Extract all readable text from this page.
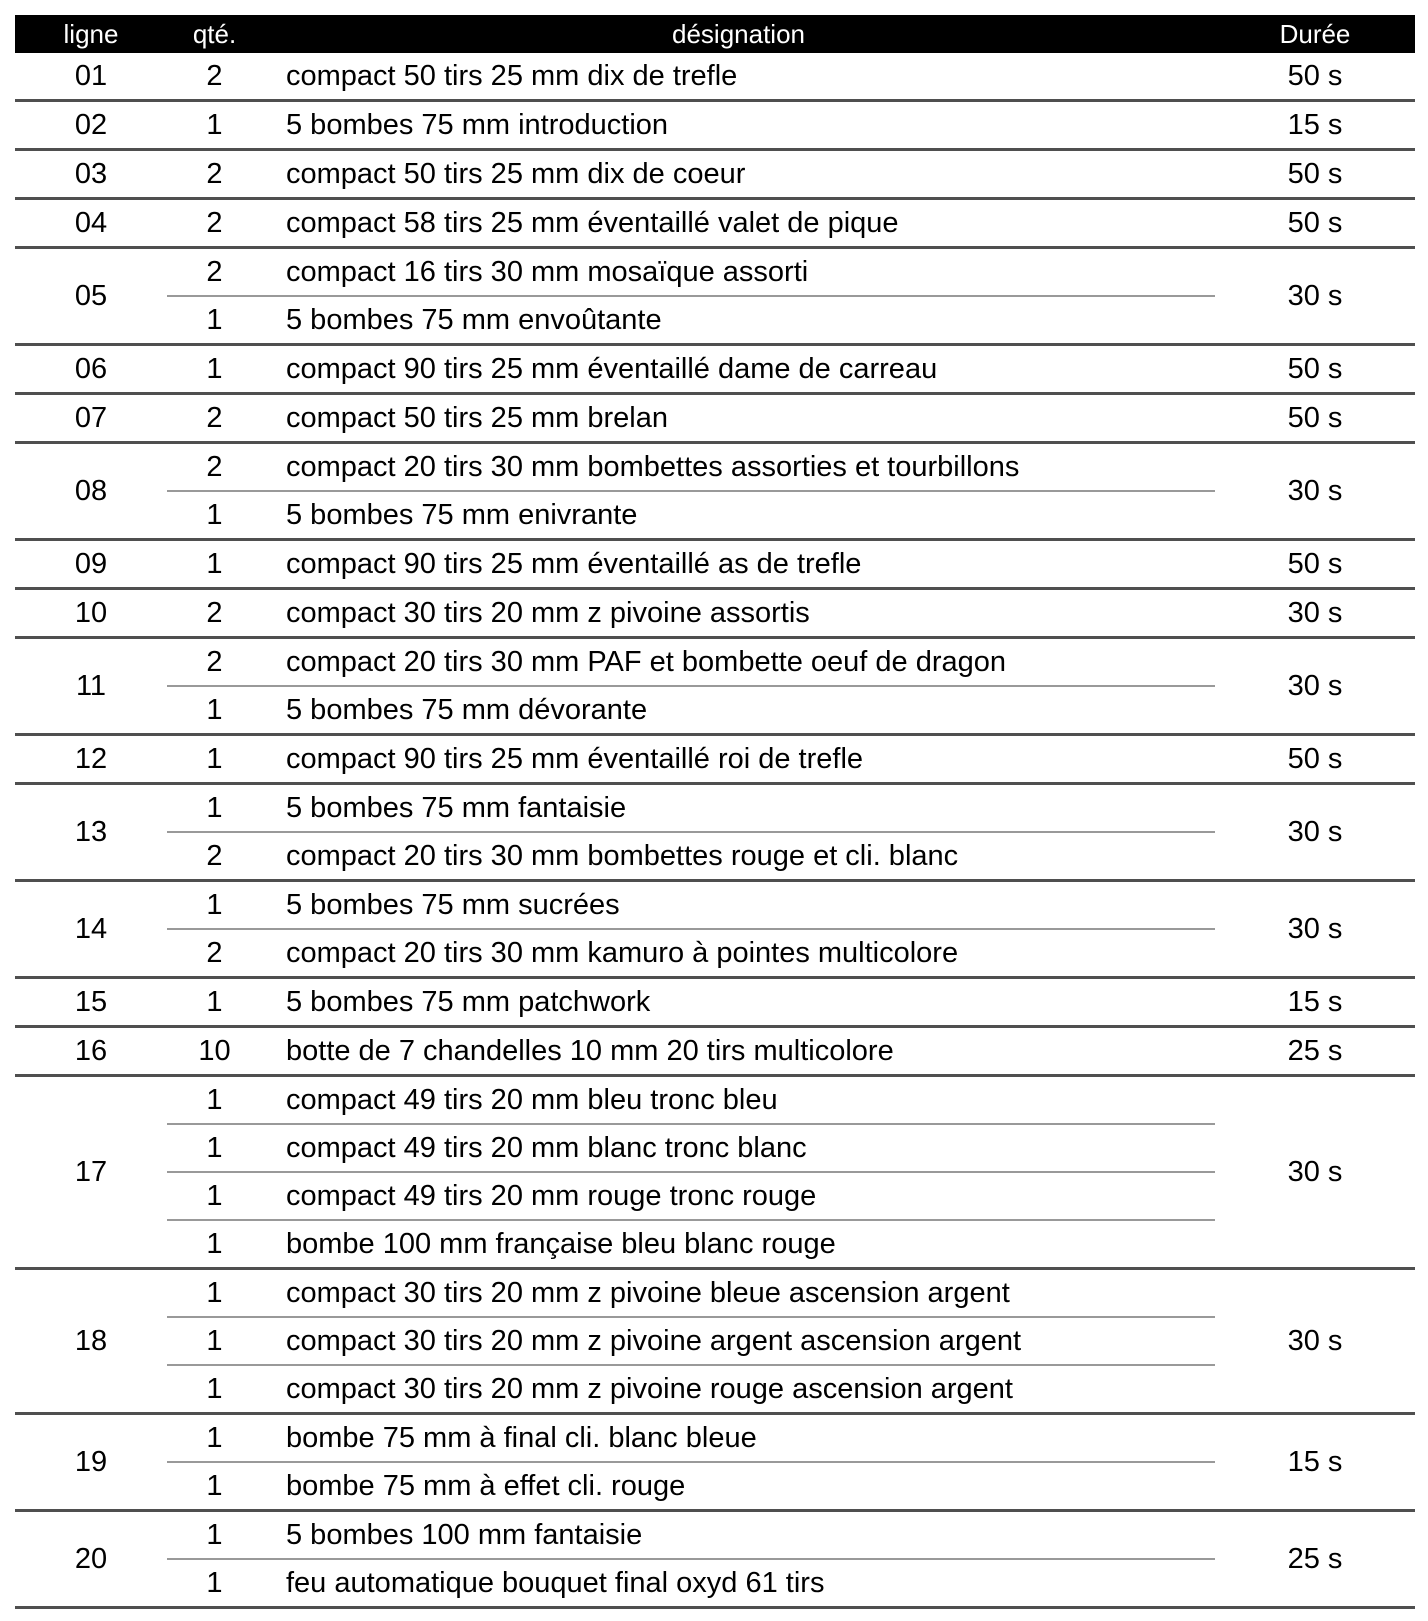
ligne	qté.	désignation	Durée
01	2	compact 50 tirs 25 mm dix de trefle	50 s
02	1	5 bombes 75 mm introduction	15 s
03	2	compact 50 tirs 25 mm dix de coeur	50 s
04	2	compact 58 tirs 25 mm éventaillé valet de pique	50 s
05	2	compact 16 tirs 30 mm mosaïque assorti	30 s
	1	5 bombes 75 mm envoûtante	
06	1	compact 90 tirs 25 mm éventaillé dame de carreau	50 s
07	2	compact 50 tirs 25 mm brelan	50 s
08	2	compact 20 tirs 30 mm bombettes assorties et tourbillons	30 s
	1	5 bombes 75 mm enivrante	
09	1	compact 90 tirs 25 mm éventaillé as de trefle	50 s
10	2	compact 30 tirs 20 mm z pivoine assortis	30 s
11	2	compact 20 tirs 30 mm PAF et bombette oeuf de dragon	30 s
	1	5 bombes 75 mm dévorante	
12	1	compact 90 tirs 25 mm éventaillé roi de trefle	50 s
13	1	5 bombes 75 mm fantaisie	30 s
	2	compact 20 tirs 30 mm bombettes rouge et cli. blanc	
14	1	5 bombes 75 mm sucrées	30 s
	2	compact 20 tirs 30 mm kamuro à pointes multicolore	
15	1	5 bombes 75 mm patchwork	15 s
16	10	botte de 7 chandelles 10 mm 20 tirs multicolore	25 s
17	1	compact 49 tirs 20 mm bleu tronc bleu	30 s
	1	compact 49 tirs 20 mm blanc tronc blanc	
	1	compact 49 tirs 20 mm rouge tronc rouge	
	1	bombe 100 mm française bleu blanc rouge	
18	1	compact 30 tirs 20 mm z pivoine bleue ascension argent	30 s
	1	compact 30 tirs 20 mm z pivoine argent ascension argent	
	1	compact 30 tirs 20 mm z pivoine rouge ascension argent	
19	1	bombe 75 mm à final cli. blanc bleue	15 s
	1	bombe 75 mm à effet cli. rouge	
20	1	5 bombes 100 mm fantaisie	25 s
	1	feu automatique bouquet final oxyd 61 tirs	
